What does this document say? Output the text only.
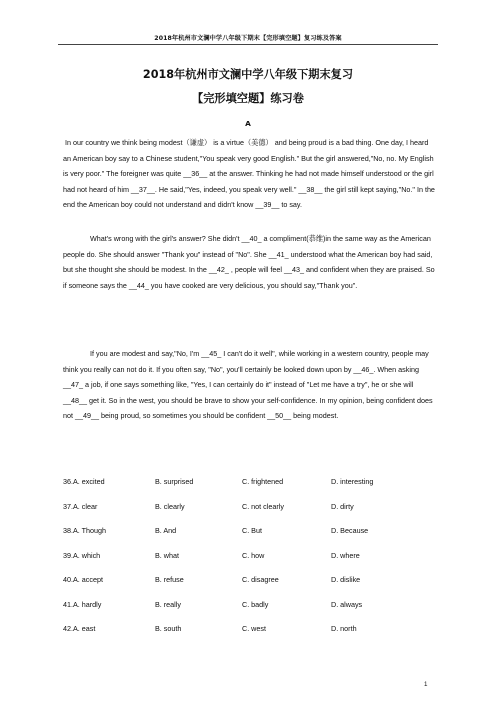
2018年杭州市文澜中学八年级下期末【完形填空题】复习练及答案
2018年杭州市文澜中学八年级下期末复习
【完形填空题】练习卷
A

In our country we think being modest（谦虚） is a virtue（美德） and being proud is a bad thing. One day, I heard an American boy say to a Chinese student,"You speak very good English." But the girl answered,"No, no. My English is very poor." The foreigner was quite __36__ at the answer. Thinking he had not made himself understood or the girl had not heard of him __37__. He said,"Yes, indeed, you speak very well." __38__ the girl still kept saying,"No." In the end the American boy could not understand and didn't know __39__ to say.

What's wrong with the girl's answer? She didn't __40_ a compliment(恭维)in the same way as the American people do. She should answer "Thank you" instead of "No". She __41_ understood what the American boy had said, but she thought she should be modest. In the __42_ , people will feel __43_ and confident when they are praised. So if someone says the __44_ you have cooked are very delicious, you should say,"Thank you".

If you are modest and say,"No, I'm __45_ I can't do it well", while working in a western country, people may think you really can not do it. If you often say, "No", you'll certainly be looked down upon by __46_. When asking __47_ a job, if one says something like, "Yes, I can certainly do it" instead of "Let me have a try", he or she will __48__ get it. So in the west, you should be brave to show your self-confidence. In my opinion, being confident does not __49__ being proud, so sometimes you should be confident __50__ being modest.

36.A. excited	B. surprised	C. frightened	D. interesting
37.A. clear	B. clearly	C. not clearly	D. dirty
38.A. Though	B. And	C. But	D. Because
39.A. which	B. what	C. how	D. where
40.A. accept	B. refuse	C. disagree	D. dislike
41.A. hardly	B. really	C. badly	D. always
42.A. east	B. south	C. west	D. north
1
